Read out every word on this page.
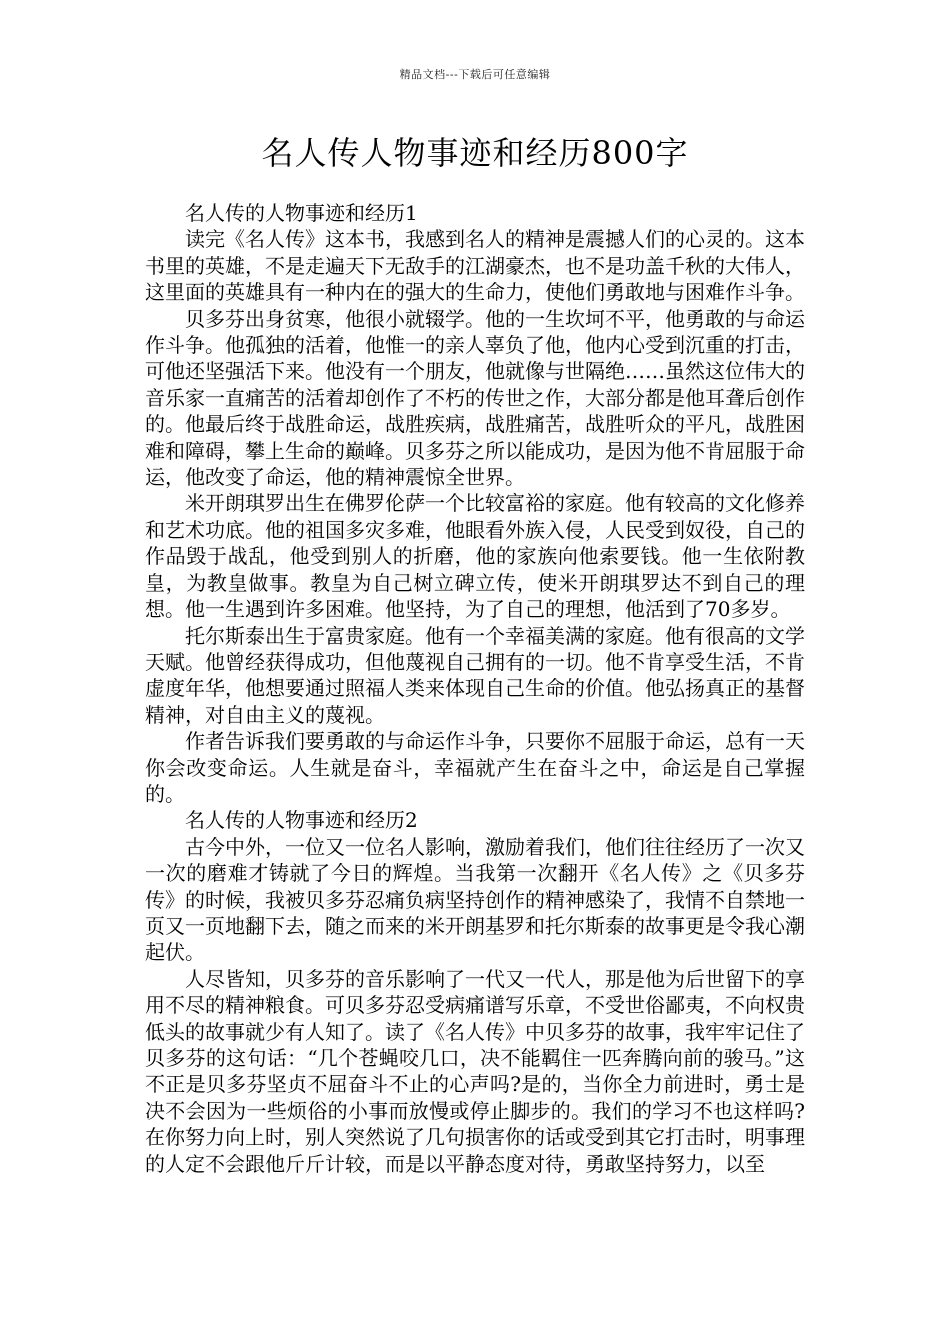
精品文档---下载后可任意编辑
名人传人物事迹和经历800字

名人传的人物事迹和经历1

读完《名人传》这本书，我感到名人的精神是震撼人们的心灵的。这本书里的英雄，不是走遍天下无敌手的江湖豪杰，也不是功盖千秋的大伟人，这里面的英雄具有一种内在的强大的生命力，使他们勇敢地与困难作斗争。

贝多芬出身贫寒，他很小就辍学。他的一生坎坷不平，他勇敢的与命运作斗争。他孤独的活着，他惟一的亲人辜负了他，他内心受到沉重的打击，可他还坚强活下来。他没有一个朋友，他就像与世隔绝……虽然这位伟大的音乐家一直痛苦的活着却创作了不朽的传世之作，大部分都是他耳聋后创作的。他最后终于战胜命运，战胜疾病，战胜痛苦，战胜听众的平凡，战胜困难和障碍，攀上生命的巅峰。贝多芬之所以能成功，是因为他不肯屈服于命运，他改变了命运，他的精神震惊全世界。

米开朗琪罗出生在佛罗伦萨一个比较富裕的家庭。他有较高的文化修养和艺术功底。他的祖国多灾多难，他眼看外族入侵，人民受到奴役，自己的作品毁于战乱，他受到别人的折磨，他的家族向他索要钱。他一生依附教皇，为教皇做事。教皇为自己树立碑立传，使米开朗琪罗达不到自己的理想。他一生遇到许多困难。他坚持，为了自己的理想，他活到了70多岁。

托尔斯泰出生于富贵家庭。他有一个幸福美满的家庭。他有很高的文学天赋。他曾经获得成功，但他蔑视自己拥有的一切。他不肯享受生活，不肯虚度年华，他想要通过照福人类来体现自己生命的价值。他弘扬真正的基督精神，对自由主义的蔑视。

作者告诉我们要勇敢的与命运作斗争，只要你不屈服于命运，总有一天你会改变命运。人生就是奋斗，幸福就产生在奋斗之中，命运是自己掌握的。

名人传的人物事迹和经历2

古今中外，一位又一位名人影响，激励着我们，他们往往经历了一次又一次的磨难才铸就了今日的辉煌。当我第一次翻开《名人传》之《贝多芬传》的时候，我被贝多芬忍痛负病坚持创作的精神感染了，我情不自禁地一页又一页地翻下去，随之而来的米开朗基罗和托尔斯泰的故事更是令我心潮起伏。

人尽皆知，贝多芬的音乐影响了一代又一代人，那是他为后世留下的享用不尽的精神粮食。可贝多芬忍受病痛谱写乐章，不受世俗鄙夷，不向权贵低头的故事就少有人知了。读了《名人传》中贝多芬的故事，我牢牢记住了贝多芬的这句话：“几个苍蝇咬几口，决不能羁住一匹奔腾向前的骏马。”这不正是贝多芬坚贞不屈奋斗不止的心声吗?是的，当你全力前进时，勇士是决不会因为一些烦俗的小事而放慢或停止脚步的。我们的学习不也这样吗?在你努力向上时，别人突然说了几句损害你的话或受到其它打击时，明事理的人定不会跟他斤斤计较，而是以平静态度对待，勇敢坚持努力，以至
